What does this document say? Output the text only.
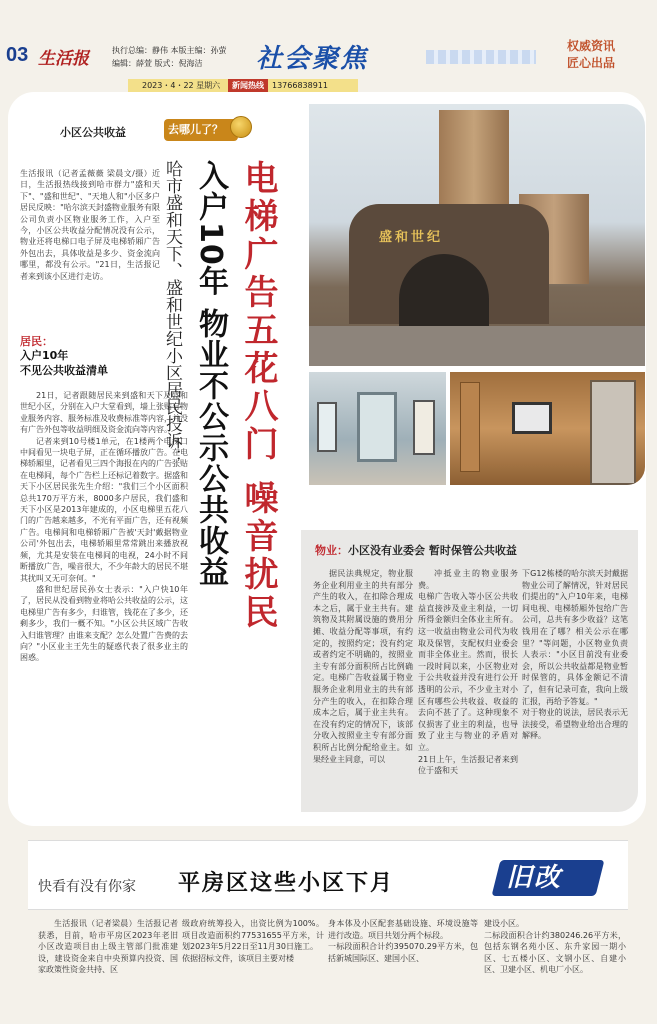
03 生活报	执行总编：静伟 本版主编：孙萤
编辑：薛萱 版式：倪海洁	社会聚焦	权威资讯
匠心出品
2023・4・22 星期六	新闻热线	13766838911
小区公共收益	去哪儿了？
生活报讯（记者孟薇薇 梁晨文/摄）近日，生活报热线接到哈市群力"盛和天下"、"盛和世纪"、"天地人和"小区多户居民反映："哈尔滨天封盛物业服务有限公司负责小区物业服务工作，入户至今，小区公共收益分配情况没有公示，物业还将电梯口电子屏及电梯轿厢广告外包出去，具体收益是多少、资金流向哪里，都没有公示。"21日，生活报记者来到该小区进行走访。	电梯广告五花八门 噪音扰民
入户10年 物业不公示公共收益
哈市盛和天下、盛和世纪小区居民投诉：
居民：
入户10年
不见公共收益清单

21日，记者跟随居民来到盛和天下及盛和世纪小区，分别在入户大堂看到，墙上张贴有物业服务内容、服务标准及收费标准等内容，并没有广告外包等收益明细及资金流向等内容。

记者来到10号楼1单元，在1楼两个电梯口中间看见一块电子屏，正在循环播放广告。在电梯轿厢里，记者看见三四个海报在内的广告张贴在电梯间，每个广告栏上还标记着数字。据盛和天下小区居民张先生介绍："我们三个小区面积总共170万平方米，8000多户居民，我们盛和天下小区是2013年建成的，小区电梯里五花八门的广告越来越多，不光有平面广告，还有视频广告。电梯间和电梯轿厢广告被'天封'戴据物业公司'外包出去，电梯轿厢里常常跳出来播放视频，尤其是安装在电梯间的电视，24小时不间断播放广告，噪音很大，不少年龄大的居民不堪其扰叫又无可奈何。"

盛和世纪居民孙女士表示："入户快10年了，居民从没看到物业将哈公共收益的公示，这电梯里广告有多少，归谁管，钱花在了多少，还剩多少，我们一概不知。"小区公共区域广告收入归谁管理？由谁来支配？怎么处置广告费的去向？"小区业主王先生的疑惑代表了很多业主的困惑。

盛和世纪
物业：小区没有业委会 暂时保管公共收益
据民法典规定，物业服务企业利用业主的共有部分产生的收入，在扣除合理成本之后，属于业主共有。建筑物及其附属设施的费用分摊、收益分配等事项，有约定的，按照约定；没有约定或者约定不明确的，按照业主专有部分面积所占比例确定。电梯广告收益属于物业服务企业利用业主的共有部分产生的收入，在扣除合理成本之后，属于业主共有。在没有约定的情况下，该部分收入按照业主专有部分面积所占比例分配给业主。如果经业主同意，可以
冲抵业主的物业服务费。
电梯广告收入等小区公共收益直接涉及业主利益，一切所得金额归全体业主所有。这一收益由物业公司代为收取及保管，支配权归业委会而非全体业主。然而，很长一段时间以来，小区物业对于公共收益并没有进行公开透明的公示，不少业主对小区有哪些公共收益、收益的去向不甚了了。这种现象不仅损害了业主的利益，也导致了业主与物业的矛盾对立。
21日上午，生活报记者来到位于盛和天
下G12栋楼的哈尔滨天封戴据物业公司了解情况，针对居民们提出的"入户10年来，电梯间电视、电梯轿厢外包给广告公司，总共有多少收益？这笔钱用在了哪？相关公示在哪里？"等问题，小区物业负责人表示："小区目前没有业委会，所以公共收益都是物业暂时保管的，具体金额记不清了，但有记录可查，我向上级汇报，再给予答复。"
对于物业的说法，居民表示无法接受，希望物业给出合理的解释。
快看有没有你家 平房区这些小区下月	旧改
生活报讯（记者梁晨）生活报记者获悉，目前，哈市平房区2023年老旧小区改造项目由上级主管部门批准建设，建设资金来自中央预算内投资、国家政策性资金共持、区
级政府统筹投入，出资比例为100%。项目改造面积约77531655平方米，计划2023年5月22日至11月30日施工。
依据招标文件，该项目主要对楼
身本体及小区配套基础设施、环境设施等进行改造。项目共划分两个标段。
一标段面积合计约395070.29平方米，包括新城国际区、建国小区、
建设小区。
二标段面积合计约380246.26平方米，包括东钢名苑小区、东升家园一期小区、七五楼小区、文钢小区、自建小区、卫建小区、机电厂小区。
